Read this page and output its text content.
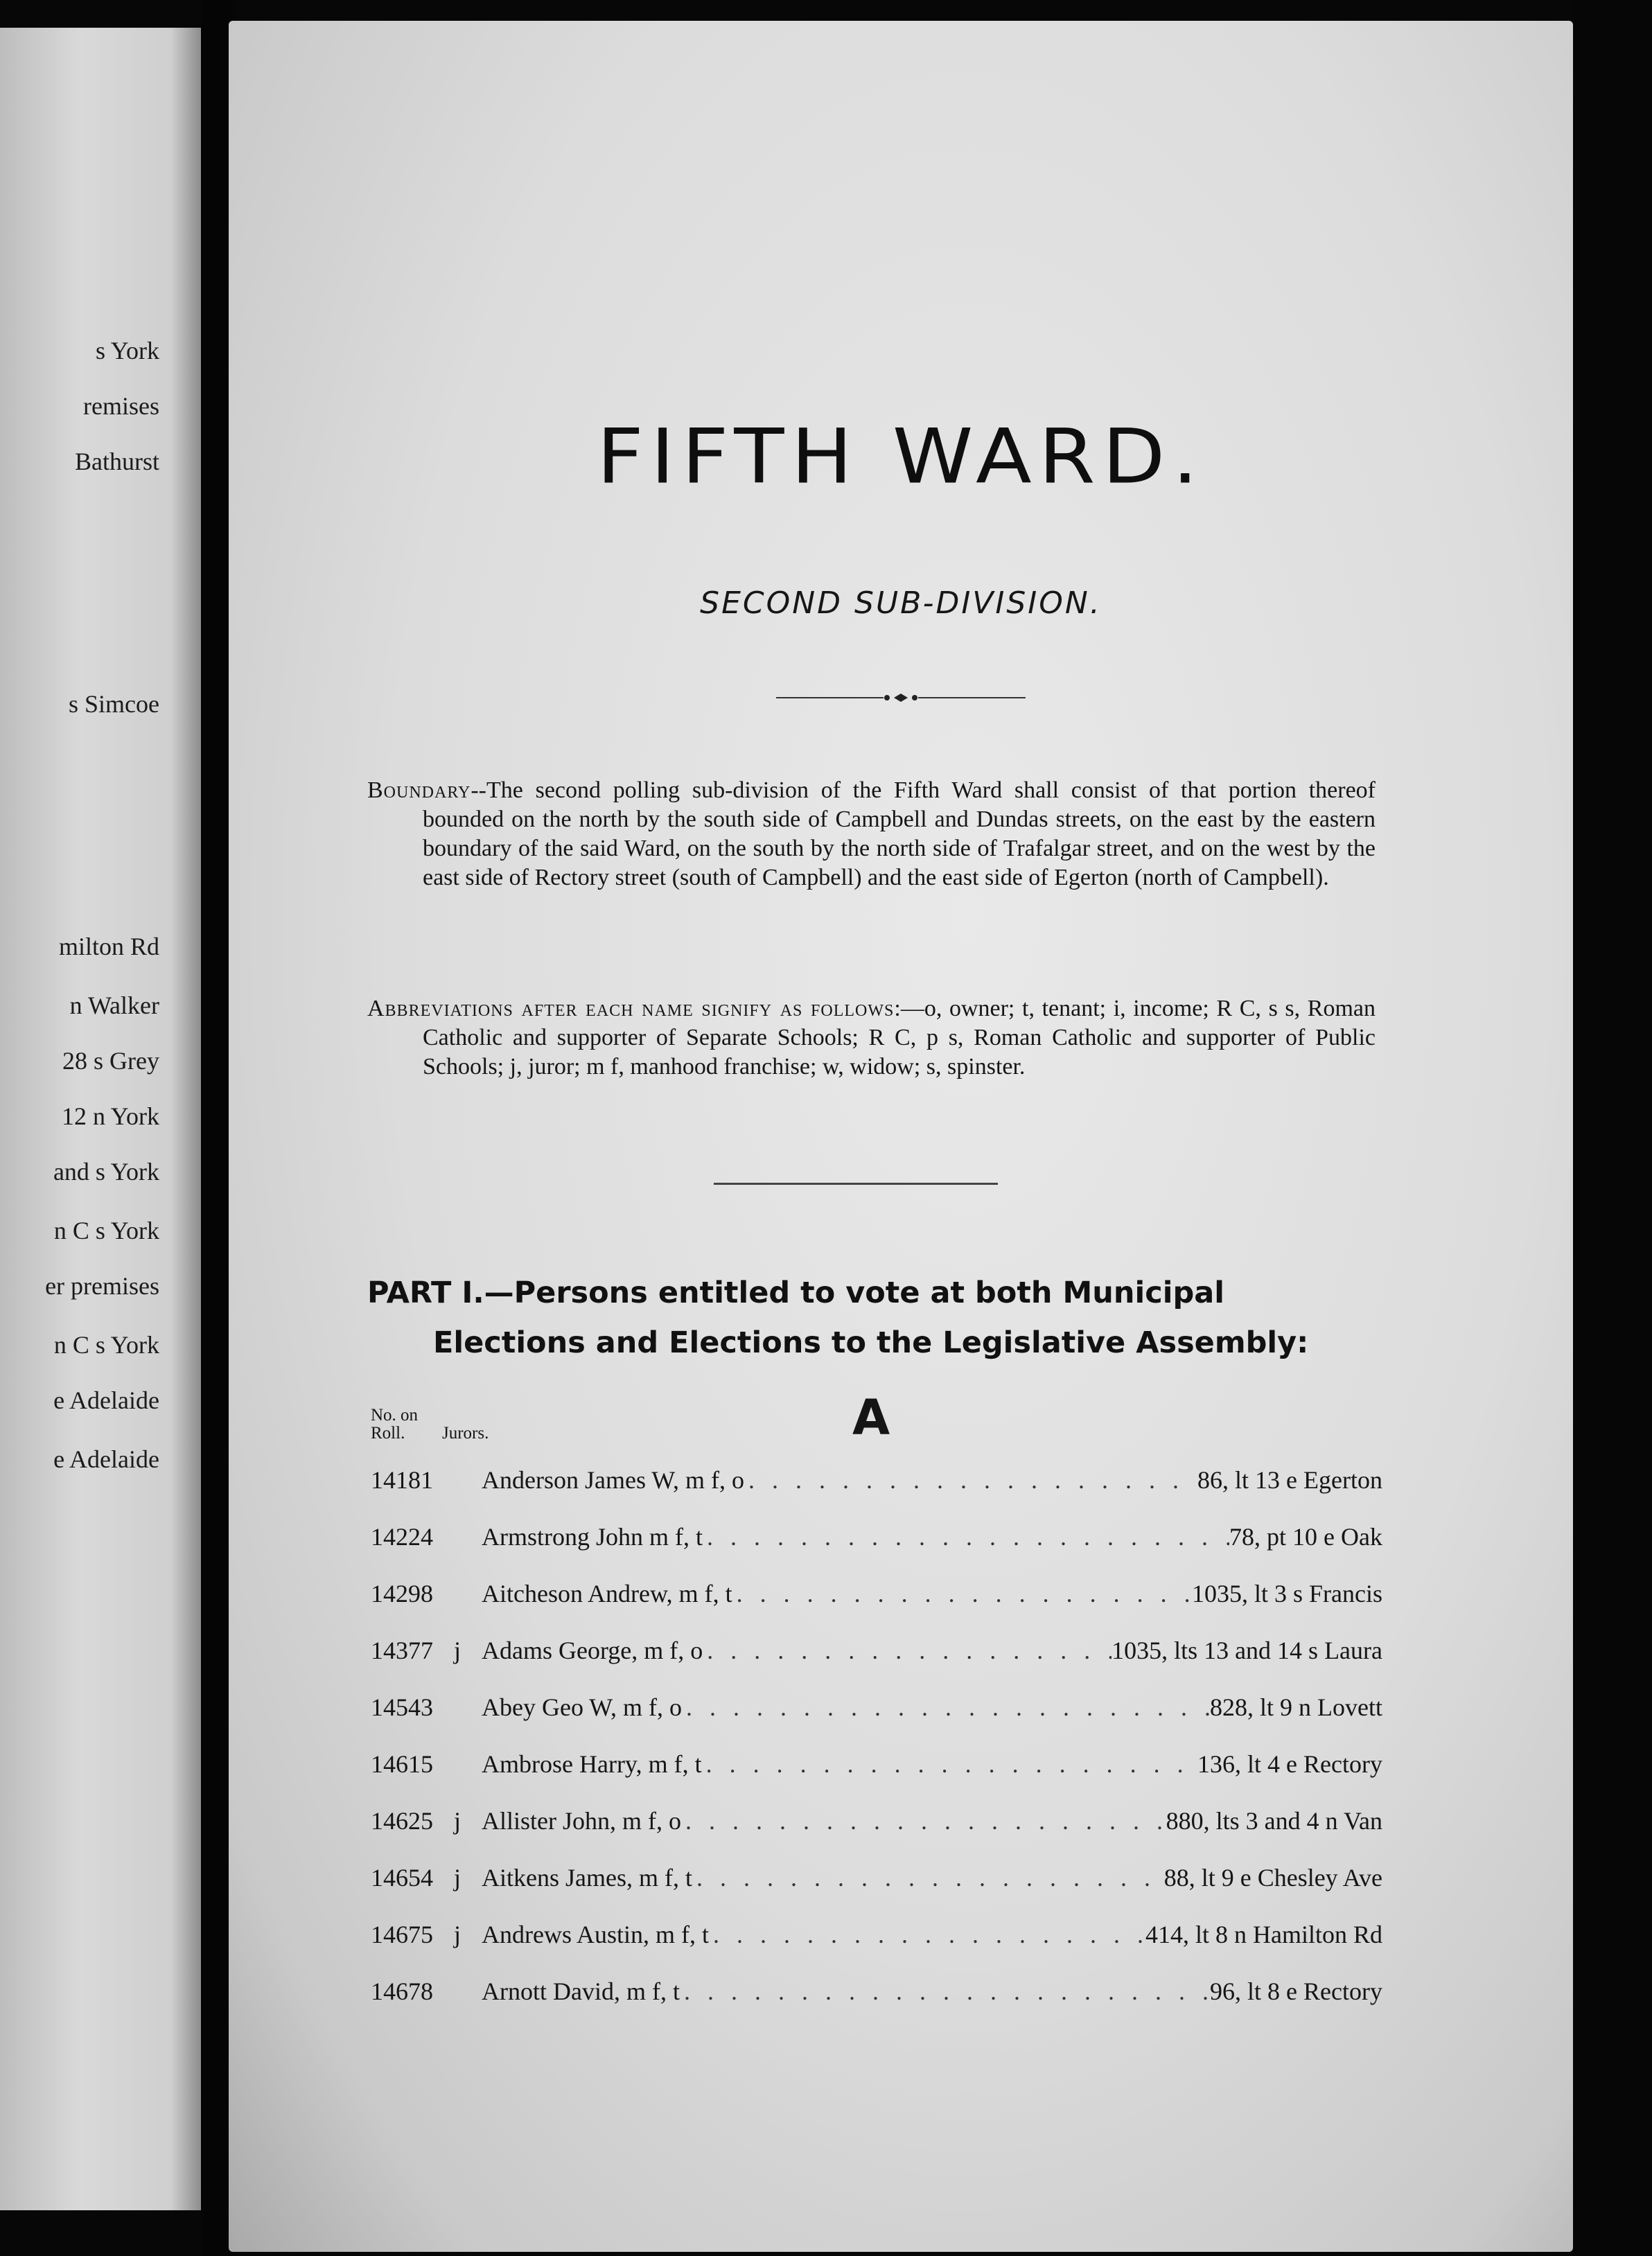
s York
remises
Bathurst
s Simcoe
milton Rd
n Walker
28 s Grey
12 n York
and s York
n C s York
er premises
n C s York
e Adelaide
e Adelaide
FIFTH WARD.
SECOND SUB-DIVISION.
Boundary--The second polling sub-division of the Fifth Ward shall consist of that portion thereof bounded on the north by the south side of Campbell and Dundas streets, on the east by the eastern boundary of the said Ward, on the south by the north side of Trafalgar street, and on the west by the east side of Rectory street (south of Campbell) and the east side of Egerton (north of Campbell).
Abbreviations after each name signify as follows:—o, owner; t, tenant; i, income; R C, s s, Roman Catholic and supporter of Separate Schools; R C, p s, Roman Catholic and supporter of Public Schools; j, juror; m f, manhood franchise; w, widow; s, spinster.
PART I.—Persons entitled to vote at both Municipal
Elections and Elections to the Legislative Assembly:
No. on Roll.	Jurors.	A
14181	Anderson James W, m f, o . . .	86, lt 13 e Egerton
14224	Armstrong John m f, t . . .	78, pt 10 e Oak
14298	Aitcheson Andrew, m f, t . . .	1035, lt 3 s Francis
14377 j Adams George, m f, o . . .	1035, lts 13 and 14 s Laura
14543	Abey Geo W, m f, o . . .	828, lt 9 n Lovett
14615	Ambrose Harry, m f, t . . .	136, lt 4 e Rectory
14625 j Allister John, m f, o . . .	880, lts 3 and 4 n Van
14654 j Aitkens James, m f, t . . .	88, lt 9 e Chesley Ave
14675 j Andrews Austin, m f, t . . .	414, lt 8 n Hamilton Rd
14678	Arnott David, m f, t . . .	96, lt 8 e Rectory
